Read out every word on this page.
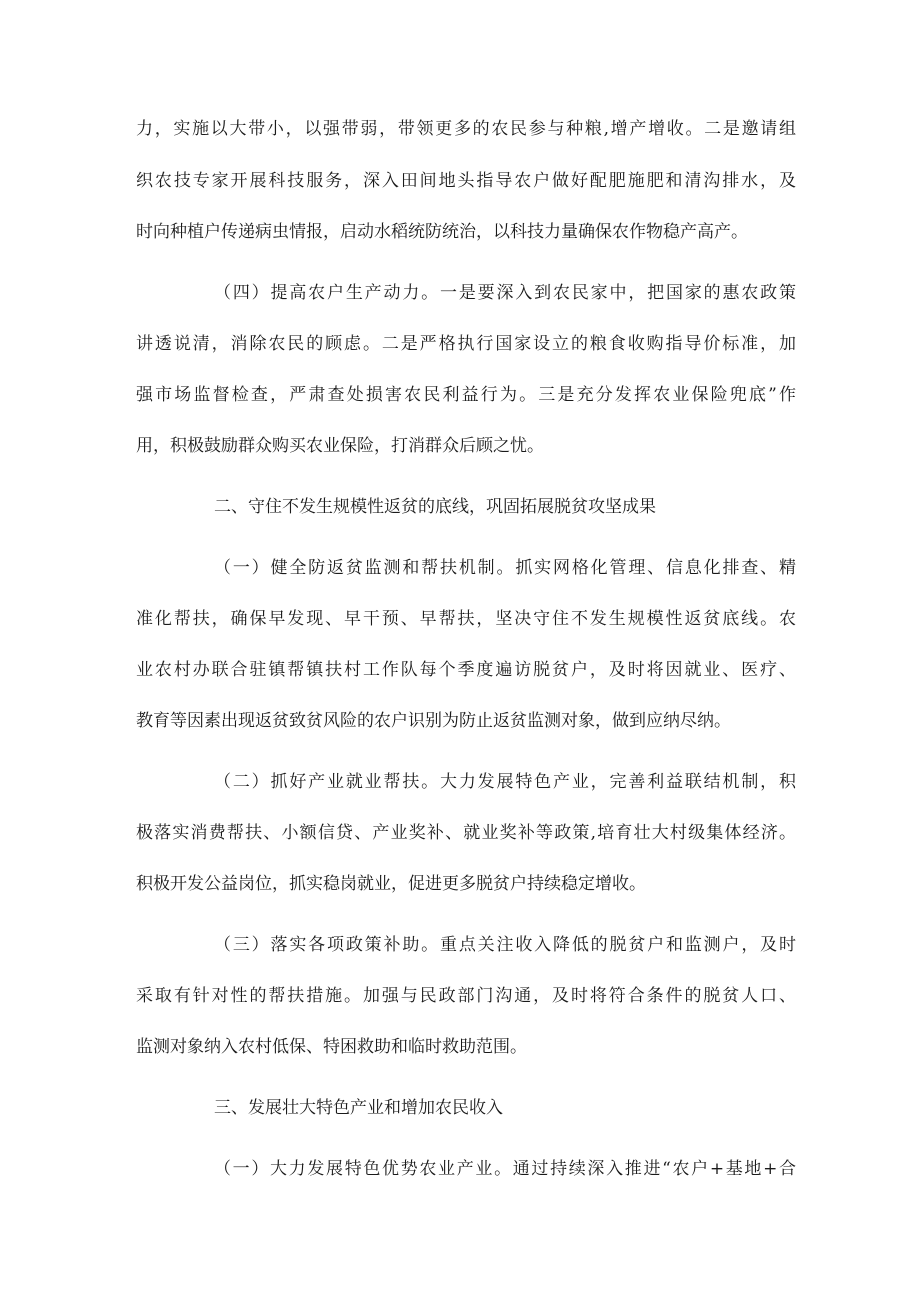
力，实施以大带小，以强带弱，带领更多的农民参与种粮,增产增收。二是邀请组
织农技专家开展科技服务，深入田间地头指导农户做好配肥施肥和清沟排水，及
时向种植户传递病虫情报，启动水稻统防统治，以科技力量确保农作物稳产高产。
（四）提高农户生产动力。一是要深入到农民家中，把国家的惠农政策
讲透说清，消除农民的顾虑。二是严格执行国家设立的粮食收购指导价标准，加
强市场监督检查，严肃查处损害农民利益行为。三是充分发挥农业保险兜底”作
用，积极鼓励群众购买农业保险，打消群众后顾之忧。
二、守住不发生规模性返贫的底线，巩固拓展脱贫攻坚成果
（一）健全防返贫监测和帮扶机制。抓实网格化管理、信息化排查、精
准化帮扶，确保早发现、早干预、早帮扶，坚决守住不发生规模性返贫底线。农
业农村办联合驻镇帮镇扶村工作队每个季度遍访脱贫户，及时将因就业、医疗、
教育等因素出现返贫致贫风险的农户识别为防止返贫监测对象，做到应纳尽纳。
（二）抓好产业就业帮扶。大力发展特色产业，完善利益联结机制，积
极落实消费帮扶、小额信贷、产业奖补、就业奖补等政策,培育壮大村级集体经济。
积极开发公益岗位，抓实稳岗就业，促进更多脱贫户持续稳定增收。
（三）落实各项政策补助。重点关注收入降低的脱贫户和监测户，及时
采取有针对性的帮扶措施。加强与民政部门沟通，及时将符合条件的脱贫人口、
监测对象纳入农村低保、特困救助和临时救助范围。
三、发展壮大特色产业和增加农民收入
（一）大力发展特色优势农业产业。通过持续深入推进“农户+基地+合
